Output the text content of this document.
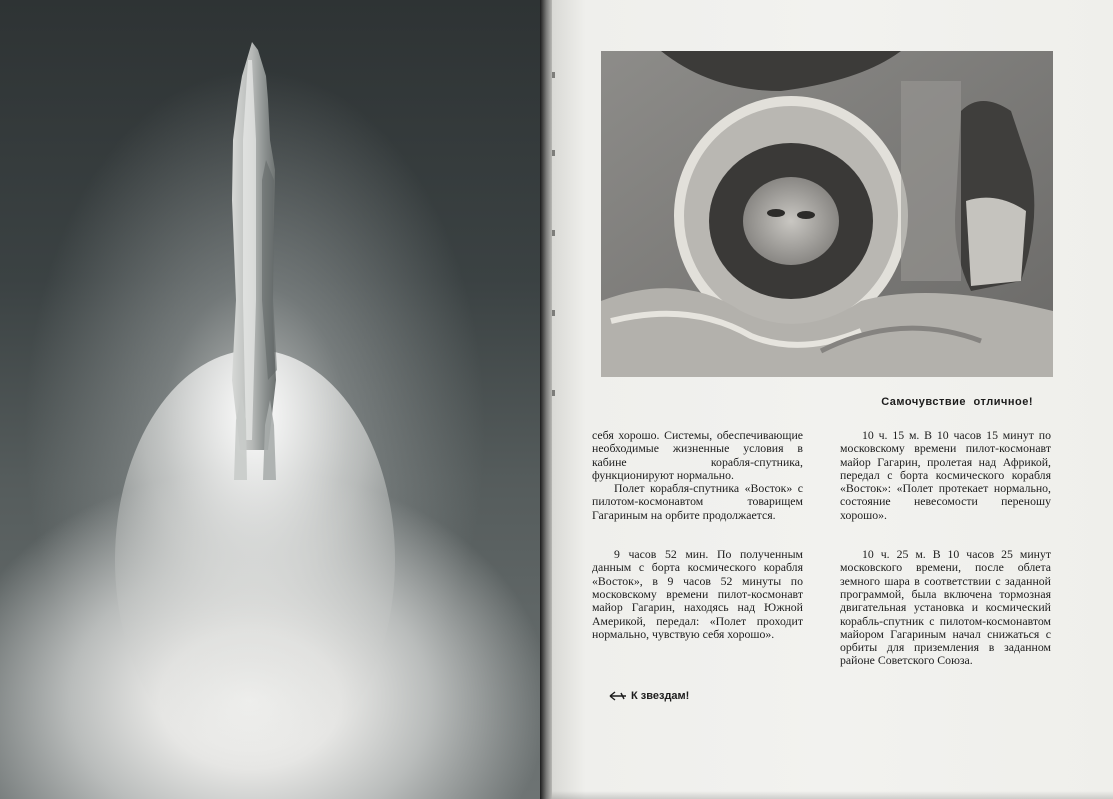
Самочувствие отличное!

себя хорошо. Системы, обеспечивающие необходимые жизненные условия в кабине корабля-спутника, функционируют нормально.

Полет корабля-спутника «Восток» с пилотом-космонавтом товарищем Гагариным на орбите продолжается.

9 часов 52 мин. По полученным данным с борта космического корабля «Восток», в 9 часов 52 минуты по московскому времени пилот-космонавт майор Гагарин, находясь над Южной Америкой, передал: «Полет проходит нормально, чувствую себя хорошо».

10 ч. 15 м. В 10 часов 15 минут по московскому времени пилот-космонавт майор Гагарин, пролетая над Африкой, передал с борта космического корабля «Восток»: «Полет протекает нормально, состояние невесомости переношу хорошо».

10 ч. 25 м. В 10 часов 25 минут московского времени, после облета земного шара в соответствии с заданной программой, была включена тормозная двигательная установка и космический корабль-спутник с пилотом-космонавтом майором Гагариным начал снижаться с орбиты для приземления в заданном районе Советского Союза.

К звездам!
